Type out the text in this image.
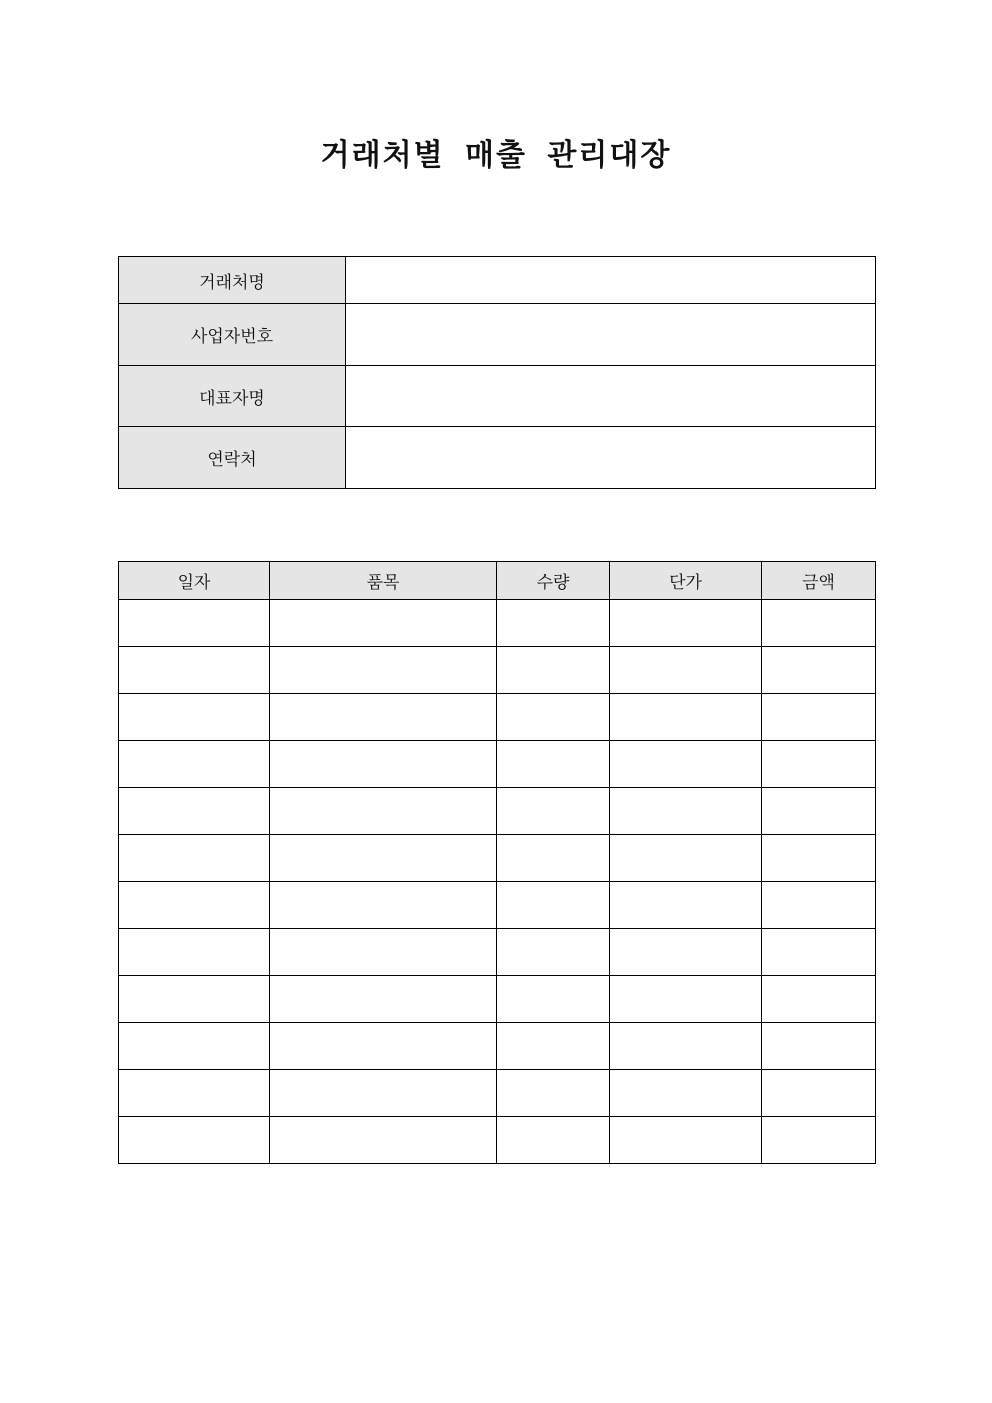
거래처별 매출 관리대장
거래처명	
사업자번호	
대표자명	
연락처	
일자	품목	수량	단가	금액
